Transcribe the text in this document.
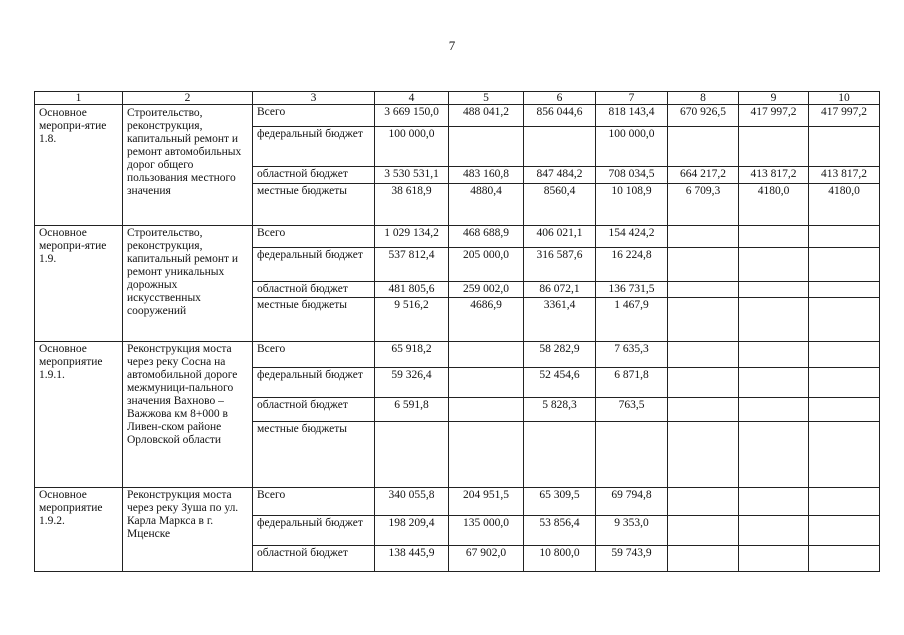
7
1	2	3	4	5	6	7	8	9	10
Основное меропри-ятие 1.8.	Строительство, реконструкция, капитальный ремонт и ремонт автомобильных дорог общего пользования местного значения	Всего	3 669 150,0	488 041,2	856 044,6	818 143,4	670 926,5	417 997,2	417 997,2
		федеральный бюджет	100 000,0			100 000,0			
		областной бюджет	3 530 531,1	483 160,8	847 484,2	708 034,5	664 217,2	413 817,2	413 817,2
		местные бюджеты	38 618,9	4880,4	8560,4	10 108,9	6 709,3	4180,0	4180,0
Основное меропри-ятие 1.9.	Строительство, реконструкция, капитальный ремонт и ремонт уникальных дорожных искусственных сооружений	Всего	1 029 134,2	468 688,9	406 021,1	154 424,2			
		федеральный бюджет	537 812,4	205 000,0	316 587,6	16 224,8			
		областной бюджет	481 805,6	259 002,0	86 072,1	136 731,5			
		местные бюджеты	9 516,2	4686,9	3361,4	1 467,9			
Основное мероприятие 1.9.1.	Реконструкция моста через реку Сосна на автомобильной дороге межмуници-пального значения Вахново – Важжова км 8+000 в Ливен-ском районе Орловской области	Всего	65 918,2		58 282,9	7 635,3			
		федеральный бюджет	59 326,4		52 454,6	6 871,8			
		областной бюджет	6 591,8		5 828,3	763,5			
		местные бюджеты							
Основное мероприятие 1.9.2.	Реконструкция моста через реку Зуша по ул. Карла Маркса в г. Мценске	Всего	340 055,8	204 951,5	65 309,5	69 794,8			
		федеральный бюджет	198 209,4	135 000,0	53 856,4	9 353,0			
		областной бюджет	138 445,9	67 902,0	10 800,0	59 743,9			
